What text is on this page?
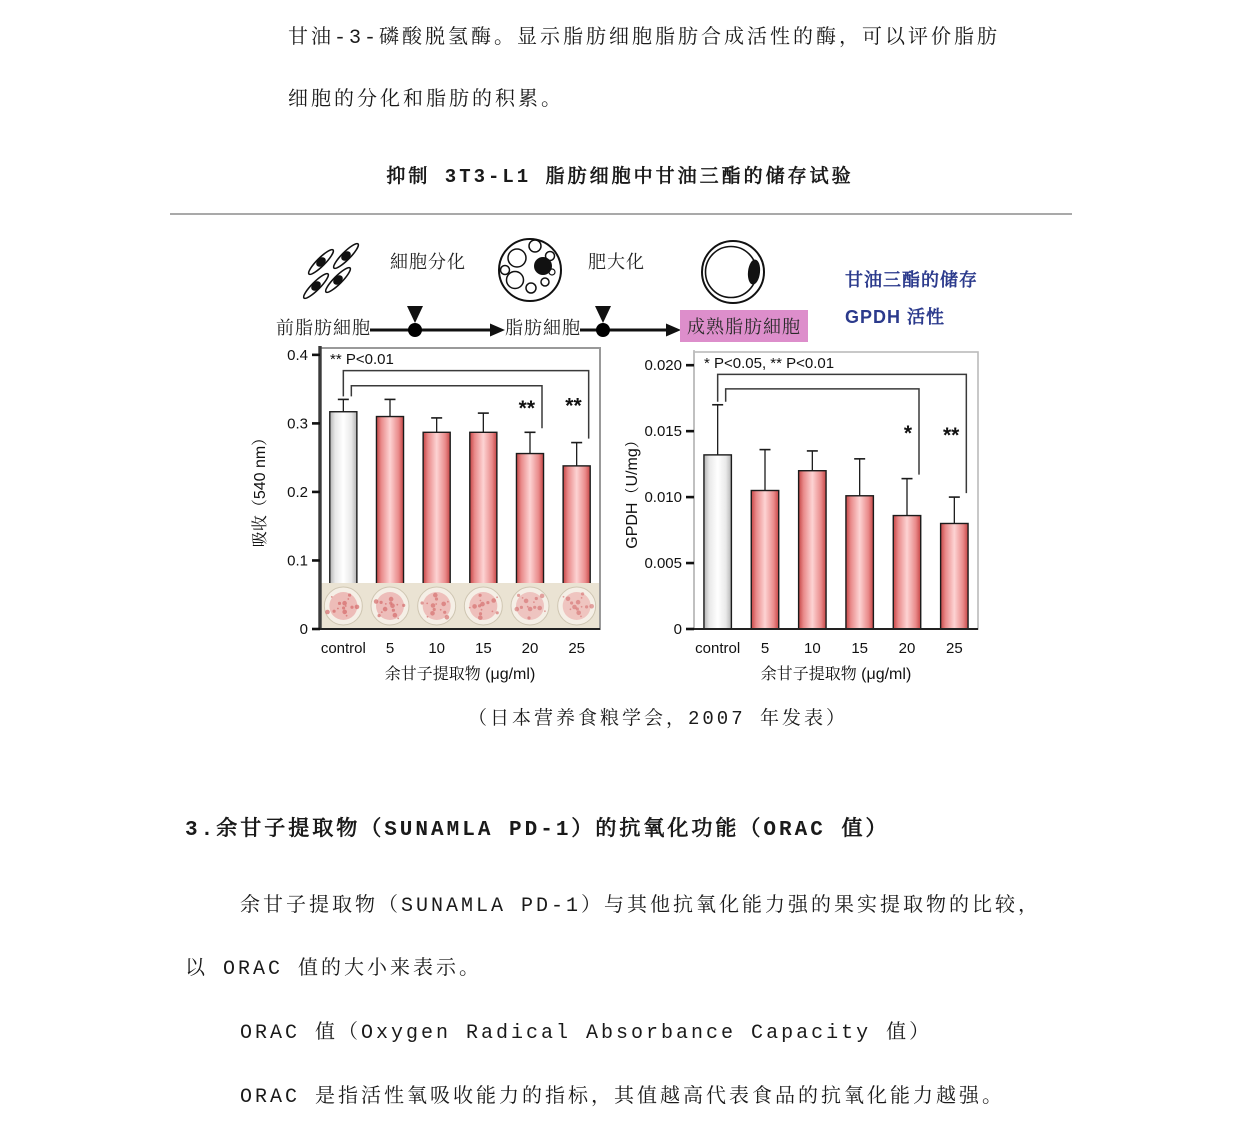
甘油-3-磷酸脱氢酶。显示脂肪细胞脂肪合成活性的酶，可以评价脂肪
细胞的分化和脂肪的积累。
抑制 3T3-L1 脂肪细胞中甘油三酯的储存试验
前脂肪細胞
細胞分化
脂肪細胞
肥大化
成熟脂肪細胞
甘油三酯的储存
GPDH 活性
0
0.1
0.2
0.3
0.4
control 5 10 15 20 25
余甘子提取物 (μg/ml)
吸收（540 nm）
** P<0.01
** **
0
0.005
0.010
0.015
0.020
control 5 10 15 20 25
余甘子提取物 (μg/ml)
GPDH（U/mg）
* P<0.05, ** P<0.01
* **
（日本营养食粮学会，2007 年发表）
3.余甘子提取物（SUNAMLA PD-1）的抗氧化功能（ORAC 值）
余甘子提取物（SUNAMLA PD-1）与其他抗氧化能力强的果实提取物的比较，
以 ORAC 值的大小来表示。
ORAC 值（Oxygen Radical Absorbance Capacity 值）
ORAC 是指活性氧吸收能力的指标，其值越高代表食品的抗氧化能力越强。
